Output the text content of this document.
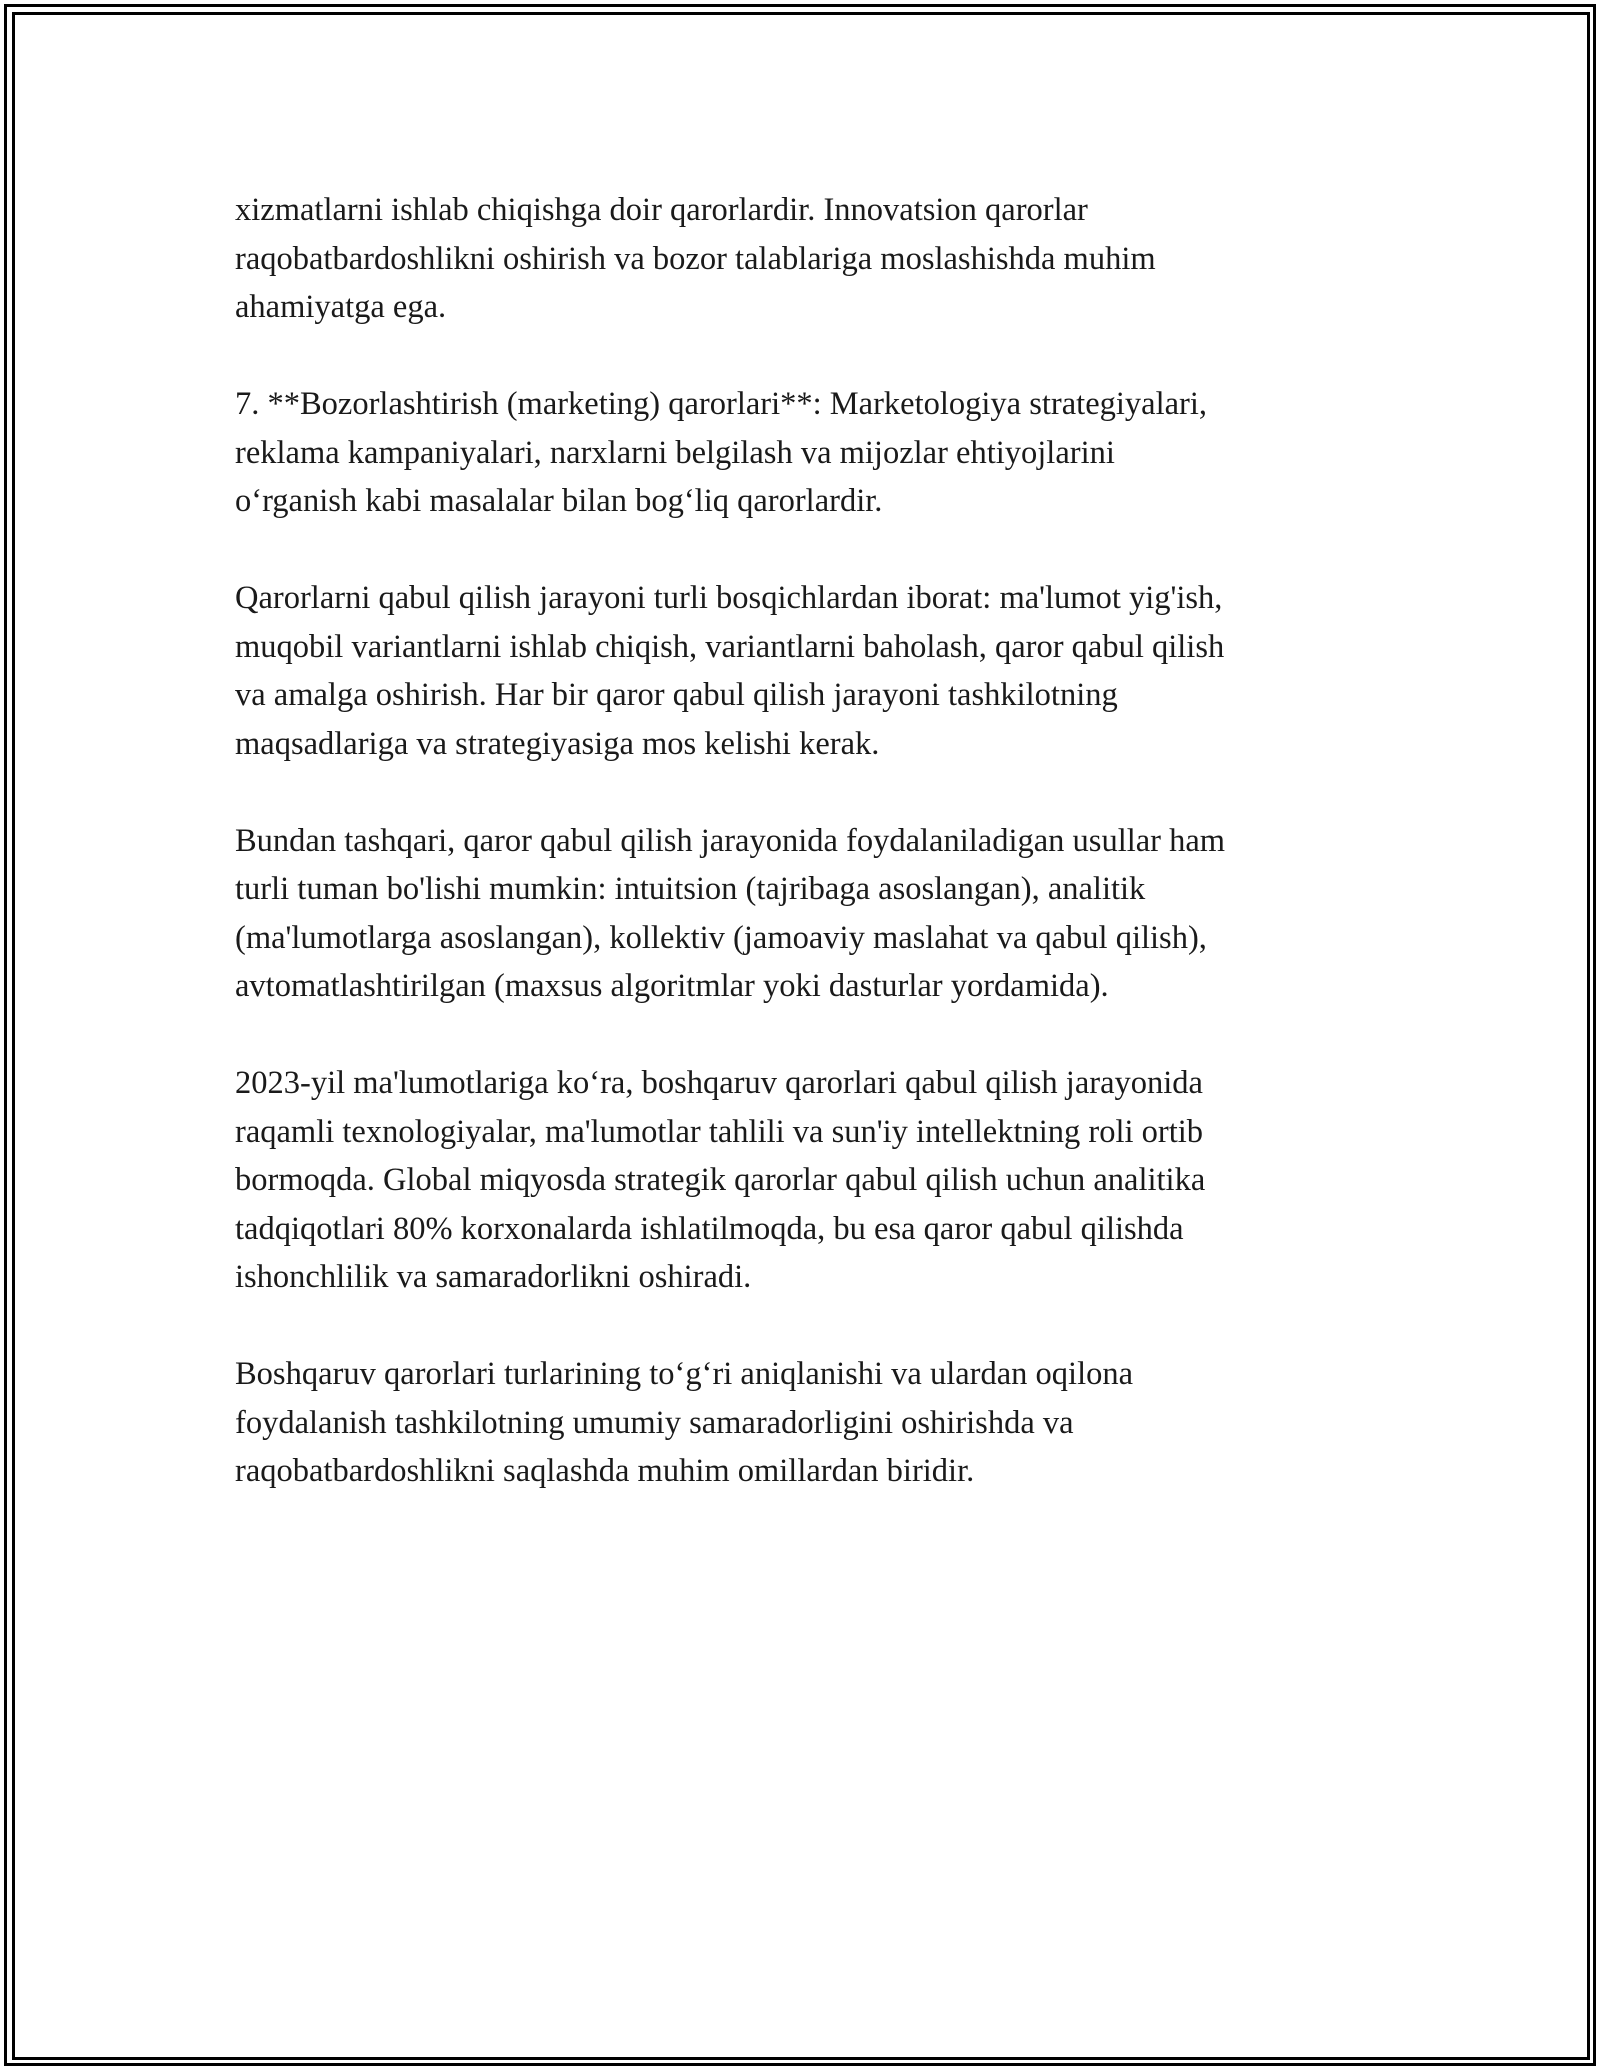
xizmatlarni ishlab chiqishga doir qarorlardir. Innovatsion qarorlar
raqobatbardoshlikni oshirish va bozor talablariga moslashishda muhim
ahamiyatga ega.

7. **Bozorlashtirish (marketing) qarorlari**: Marketologiya strategiyalari,
reklama kampaniyalari, narxlarni belgilash va mijozlar ehtiyojlarini
o‘rganish kabi masalalar bilan bog‘liq qarorlardir.

Qarorlarni qabul qilish jarayoni turli bosqichlardan iborat: ma'lumot yig'ish,
muqobil variantlarni ishlab chiqish, variantlarni baholash, qaror qabul qilish
va amalga oshirish. Har bir qaror qabul qilish jarayoni tashkilotning
maqsadlariga va strategiyasiga mos kelishi kerak.

Bundan tashqari, qaror qabul qilish jarayonida foydalaniladigan usullar ham
turli tuman bo'lishi mumkin: intuitsion (tajribaga asoslangan), analitik
(ma'lumotlarga asoslangan), kollektiv (jamoaviy maslahat va qabul qilish),
avtomatlashtirilgan (maxsus algoritmlar yoki dasturlar yordamida).

2023-yil ma'lumotlariga ko‘ra, boshqaruv qarorlari qabul qilish jarayonida
raqamli texnologiyalar, ma'lumotlar tahlili va sun'iy intellektning roli ortib
bormoqda. Global miqyosda strategik qarorlar qabul qilish uchun analitika
tadqiqotlari 80% korxonalarda ishlatilmoqda, bu esa qaror qabul qilishda
ishonchlilik va samaradorlikni oshiradi.

Boshqaruv qarorlari turlarining to‘g‘ri aniqlanishi va ulardan oqilona
foydalanish tashkilotning umumiy samaradorligini oshirishda va
raqobatbardoshlikni saqlashda muhim omillardan biridir.
